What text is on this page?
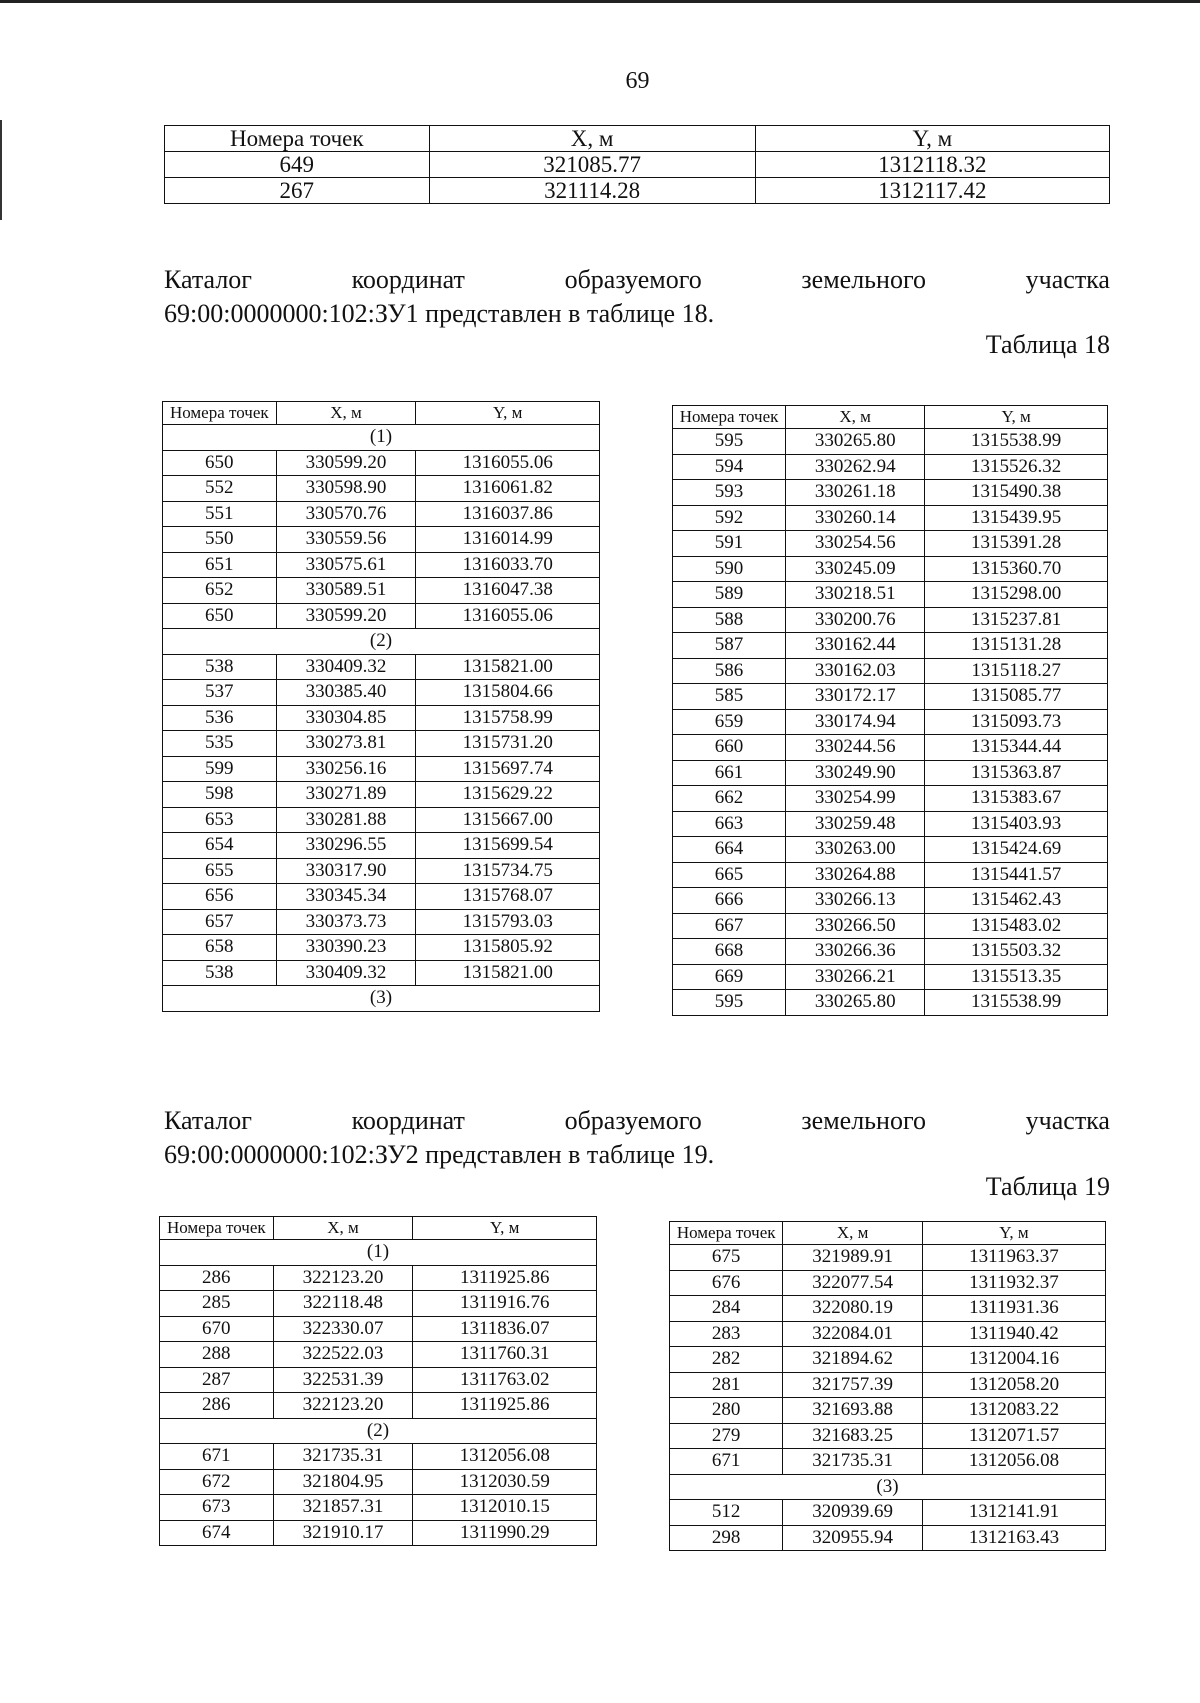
69
Номера точек	X, м	Y, м
649	321085.77	1312118.32
267	321114.28	1312117.42
Каталог	координат	образуемого	земельного	участка
69:00:0000000:102:ЗУ1 представлен в таблице 18.
Таблица 18
Номера точек	X, м	Y, м
(1)		
650	330599.20	1316055.06
552	330598.90	1316061.82
551	330570.76	1316037.86
550	330559.56	1316014.99
651	330575.61	1316033.70
652	330589.51	1316047.38
650	330599.20	1316055.06
(2)		
538	330409.32	1315821.00
537	330385.40	1315804.66
536	330304.85	1315758.99
535	330273.81	1315731.20
599	330256.16	1315697.74
598	330271.89	1315629.22
653	330281.88	1315667.00
654	330296.55	1315699.54
655	330317.90	1315734.75
656	330345.34	1315768.07
657	330373.73	1315793.03
658	330390.23	1315805.92
538	330409.32	1315821.00
(3)		
Номера точек	X, м	Y, м
595	330265.80	1315538.99
594	330262.94	1315526.32
593	330261.18	1315490.38
592	330260.14	1315439.95
591	330254.56	1315391.28
590	330245.09	1315360.70
589	330218.51	1315298.00
588	330200.76	1315237.81
587	330162.44	1315131.28
586	330162.03	1315118.27
585	330172.17	1315085.77
659	330174.94	1315093.73
660	330244.56	1315344.44
661	330249.90	1315363.87
662	330254.99	1315383.67
663	330259.48	1315403.93
664	330263.00	1315424.69
665	330264.88	1315441.57
666	330266.13	1315462.43
667	330266.50	1315483.02
668	330266.36	1315503.32
669	330266.21	1315513.35
595	330265.80	1315538.99
Каталог	координат	образуемого	земельного	участка
69:00:0000000:102:ЗУ2 представлен в таблице 19.
Таблица 19
Номера точек	X, м	Y, м
(1)		
286	322123.20	1311925.86
285	322118.48	1311916.76
670	322330.07	1311836.07
288	322522.03	1311760.31
287	322531.39	1311763.02
286	322123.20	1311925.86
(2)		
671	321735.31	1312056.08
672	321804.95	1312030.59
673	321857.31	1312010.15
674	321910.17	1311990.29
Номера точек	X, м	Y, м
675	321989.91	1311963.37
676	322077.54	1311932.37
284	322080.19	1311931.36
283	322084.01	1311940.42
282	321894.62	1312004.16
281	321757.39	1312058.20
280	321693.88	1312083.22
279	321683.25	1312071.57
671	321735.31	1312056.08
(3)		
512	320939.69	1312141.91
298	320955.94	1312163.43
